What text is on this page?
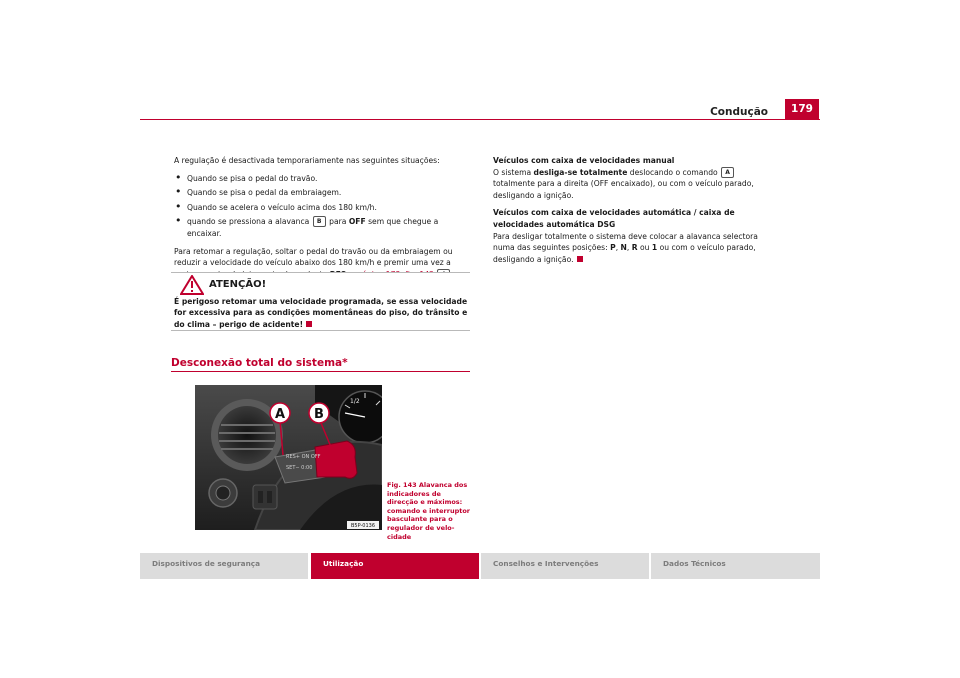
Condução	179

A regulação é desactivada temporariamente nas seguintes situações:

• Quando se pisa o pedal do travão.
• Quando se pisa o pedal da embraiagem.
• Quando se acelera o veículo acima dos 180 km/h.
• quando se pressiona a alavanca B para OFF sem que chegue a encaixar.

Para retomar a regulação, soltar o pedal do travão ou da embraiagem ou reduzir a velocidade do veículo abaixo dos 180 km/h e premir uma vez a

ATENÇÃO!
É perigoso retomar uma velocidade programada, se essa velocidade for excessiva para as condições momentâneas do piso, do trânsito e do clima – perigo de acidente!
Desconexão total do sistema*
1/2
RES+ ON OFF
SET− 0:00
A B
B5P-0136
Fig. 143 Alavanca dos indicadores de direcção e máximos: comando e interruptor basculante para o regulador de velo-cidade
Veículos com caixa de velocidades manual

O sistema desliga-se totalmente deslocando o comando A totalmente para a direita (OFF encaixado), ou com o veículo parado, desligando a ignição.

Veículos com caixa de velocidades automática / caixa de velocidades automática DSG

Para desligar totalmente o sistema deve colocar a alavanca selectora numa das seguintes posições: P, N, R ou 1 ou com o veículo parado, desligando a ignição.

Dispositivos de segurança	Utilização	Conselhos e Intervenções	Dados Técnicos
